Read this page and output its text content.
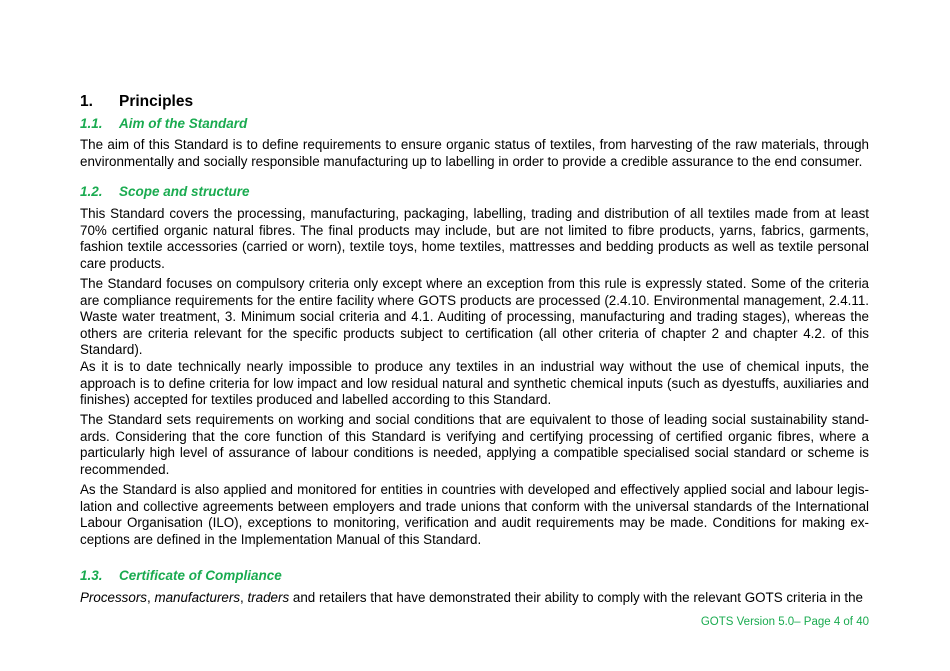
1. Principles
1.1. Aim of the Standard
The aim of this Standard is to define requirements to ensure organic status of textiles, from harvesting of the raw materials, through environmentally and socially responsible manufacturing up to labelling in order to provide a credible assurance to the end consumer.
1.2. Scope and structure
This Standard covers the processing, manufacturing, packaging, labelling, trading and distribution of all textiles made from at least 70% certified organic natural fibres. The final products may include, but are not limited to fibre products, yarns, fabrics, garments, fashion textile accessories (carried or worn), textile toys, home textiles, mattresses and bedding products as well as textile personal care products.
The Standard focuses on compulsory criteria only except where an exception from this rule is expressly stated. Some of the criteria are compliance requirements for the entire facility where GOTS products are processed (2.4.10. Environmental management, 2.4.11. Waste water treatment, 3. Minimum social criteria and 4.1. Auditing of processing, manufacturing and trading stages), whereas the others are criteria relevant for the specific products subject to certification (all other criteria of chapter 2 and chapter 4.2. of this Standard).
As it is to date technically nearly impossible to produce any textiles in an industrial way without the use of chemical inputs, the approach is to define criteria for low impact and low residual natural and synthetic chemical inputs (such as dyestuffs, auxiliaries and finishes) accepted for textiles produced and labelled according to this Standard.
The Standard sets requirements on working and social conditions that are equivalent to those of leading social sustainability stand-ards. Considering that the core function of this Standard is verifying and certifying processing of certified organic fibres, where a particularly high level of assurance of labour conditions is needed, applying a compatible specialised social standard or scheme is recommended.
As the Standard is also applied and monitored for entities in countries with developed and effectively applied social and labour legis-lation and collective agreements between employers and trade unions that conform with the universal standards of the International Labour Organisation (ILO), exceptions to monitoring, verification and audit requirements may be made. Conditions for making ex-ceptions are defined in the Implementation Manual of this Standard.
1.3. Certificate of Compliance
Processors, manufacturers, traders and retailers that have demonstrated their ability to comply with the relevant GOTS criteria in the
GOTS Version 5.0– Page 4 of 40
